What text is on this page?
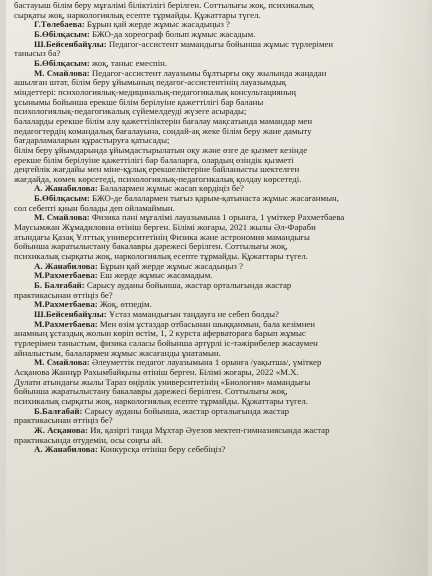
бастауыш білім беру мұғалімі біліктілігі берілген. Соттылығы жоқ, психикалық
сырқаты жоқ, наркологиялық есепте тұрмайды. Құжаттары түгел.
Г.Төлебаева: Бұрын қай жерде жұмыс жасадыңыз ?
Б.Өбілқасым: БЖО-да хореограф болып жұмыс жасадым.
Ш.Бейсенбайұлы: Педагог-ассистент мамандығы бойынша жұмыс түрлерімен
танысыз ба?
Б.Өбілқасым: жоқ, таныс емеспін.
М. Смайлова: Педагог-ассистент лауазымы бұлтырғы оқу жылында жаңадан
ашылған штат, білім беру ұйымының педагог-ассистентінің лауазымдық
міндеттері: психологиялық-медициналық-педагогикалық консультацияның
ұсынымы бойынша ерекше білім берілуіне қажеттілігі бар баланы
психологиялық-педагогикалық сүйемелдеуді жүзеге асырады;
балаларды ерекше білім алу қажеттіліктерін бағалау мақсатында мамандар мен
педагогтердің командалық бағалауына, сондай-ақ жеке білім беру жане дамыту
бағдарламаларын құрастыруға қатысады;
білім беру ұйымдарында ұйымдастырылатын оқу және өзге де қызмет кезінде
ерекше білім берілуіне қажеттілігі бар балаларға, олардың өзіндік қызметі
деңгейлік жағдайы мен міне-құлық ерекшеліктеріне байланысты шектелген
жағдайда, көмек көрсетеді, психологиялық-педагогикалық қолдау көрсетеді.
А. Жанабилова: Балалармен жұмыс жасап көрдіңіз бе?
Б.Өбілқасым: БЖО-де балалармен тығыз қарым-қатынаста жұмыс жасағанмын,
сол себепті қиын болады деп ойламаймын.
М. Смайлова: Физика пәні мұғалімі лауазымына 1 орынға, 1 үміткер Рахметбаева
Маусымжан Жұмадиловна өтініш берген. Білімі жоғары, 2021 жылы Әл-Фараби
атындағы Қазақ Ұлттық университетінің Физика және астрономия мамандығы
бойынша жаратылыстану бакалавры дәрежесі берілген. Соттылығы жоқ,
психикалық сырқаты жоқ, наркологиялық есепте тұрмайды. Құжаттары түгел.
А. Жанабилова: Бұрын қай жерде жұмыс жасадыңыз ?
М.Рахметбаева: Еш жерде жұмыс жасамадым.
Б. Балғабай: Сарысу ауданы бойынша, жастар орталығында жастар
практикасынан өттіңіз бе?
М.Рахметбаева: Жоқ, өтпедім.
Ш.Бейсенбайұлы: Ұстаз мамандығын таңдауға не себеп болды?
М.Рахметбаева: Мен өзім ұстаздар отбасынан шыққанмын, бала кезімнен
анамның ұстаздық жолын көріп өстім, 1, 2 курста аферватораға барып жұмыс
түрлерімен таныстым, физика саласы бойынша әртүрлі іс-тәжірибелер жасаумен
айналыстым, балалармен жұмыс жасағанды ұнатамын.
М. Смайлова: Әлеуметтік педагог лауазымына 1 орынға /уақытша/, үміткер
Асқанова Жаннұр Рахымбайқызы өтініш берген. Білімі жоғары, 2022 «М.Х.
Дулати атындағы жылы Тараз өңірлік университетінің «Биология» мамандығы
бойынша жаратылыстану бакалавры дәрежесі берілген. Соттылығы жоқ,
психикалық сырқаты жоқ, наркологиялық есепте тұрмайды. Құжаттары түгел.
Б.Балғабай: Сарысу ауданы бойынша, жастар орталығында жастар
практикасынан өттіңіз бе?
Ж. Асқанова: Ия, қазіргі таңда Мұхтар Әуезов мектеп-гимназиясында жастар
практикасында өтудемін, осы соңғы ай.
А. Жанабилова: Конкурсқа өтініш беру себебіңіз?
